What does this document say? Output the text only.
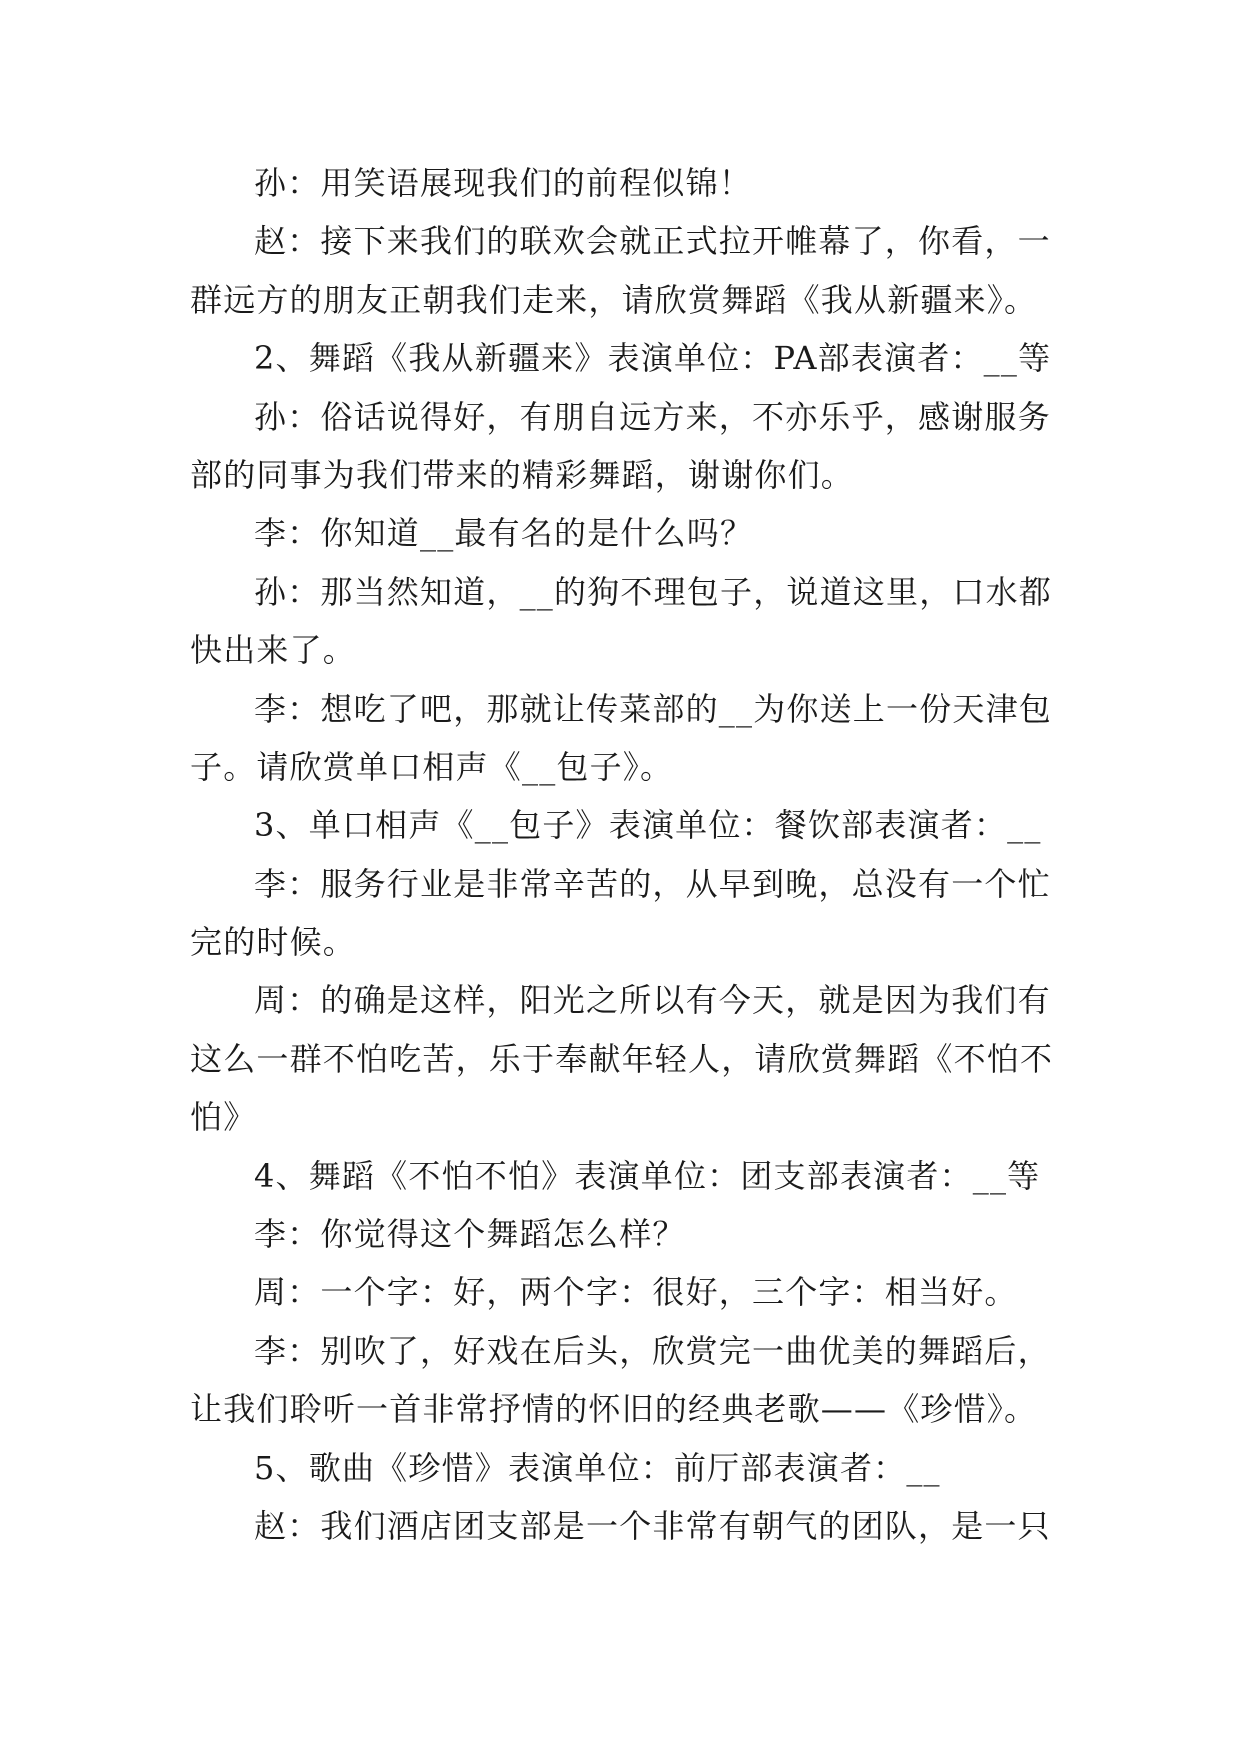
孙：用笑语展现我们的前程似锦！
赵：接下来我们的联欢会就正式拉开帷幕了，你看，一
群远方的朋友正朝我们走来，请欣赏舞蹈《我从新疆来》。
2、舞蹈《我从新疆来》表演单位：PA部表演者：__等
孙：俗话说得好，有朋自远方来，不亦乐乎，感谢服务
部的同事为我们带来的精彩舞蹈，谢谢你们。
李：你知道__最有名的是什么吗？
孙：那当然知道，__的狗不理包子，说道这里，口水都
快出来了。
李：想吃了吧，那就让传菜部的__为你送上一份天津包
子。请欣赏单口相声《__包子》。
3、单口相声《__包子》表演单位：餐饮部表演者：__
李：服务行业是非常辛苦的，从早到晚，总没有一个忙
完的时候。
周：的确是这样，阳光之所以有今天，就是因为我们有
这么一群不怕吃苦，乐于奉献年轻人，请欣赏舞蹈《不怕不
怕》
4、舞蹈《不怕不怕》表演单位：团支部表演者：__等
李：你觉得这个舞蹈怎么样？
周：一个字：好，两个字：很好，三个字：相当好。
李：别吹了，好戏在后头，欣赏完一曲优美的舞蹈后，
让我们聆听一首非常抒情的怀旧的经典老歌——《珍惜》。
5、歌曲《珍惜》表演单位：前厅部表演者：__
赵：我们酒店团支部是一个非常有朝气的团队，是一只
